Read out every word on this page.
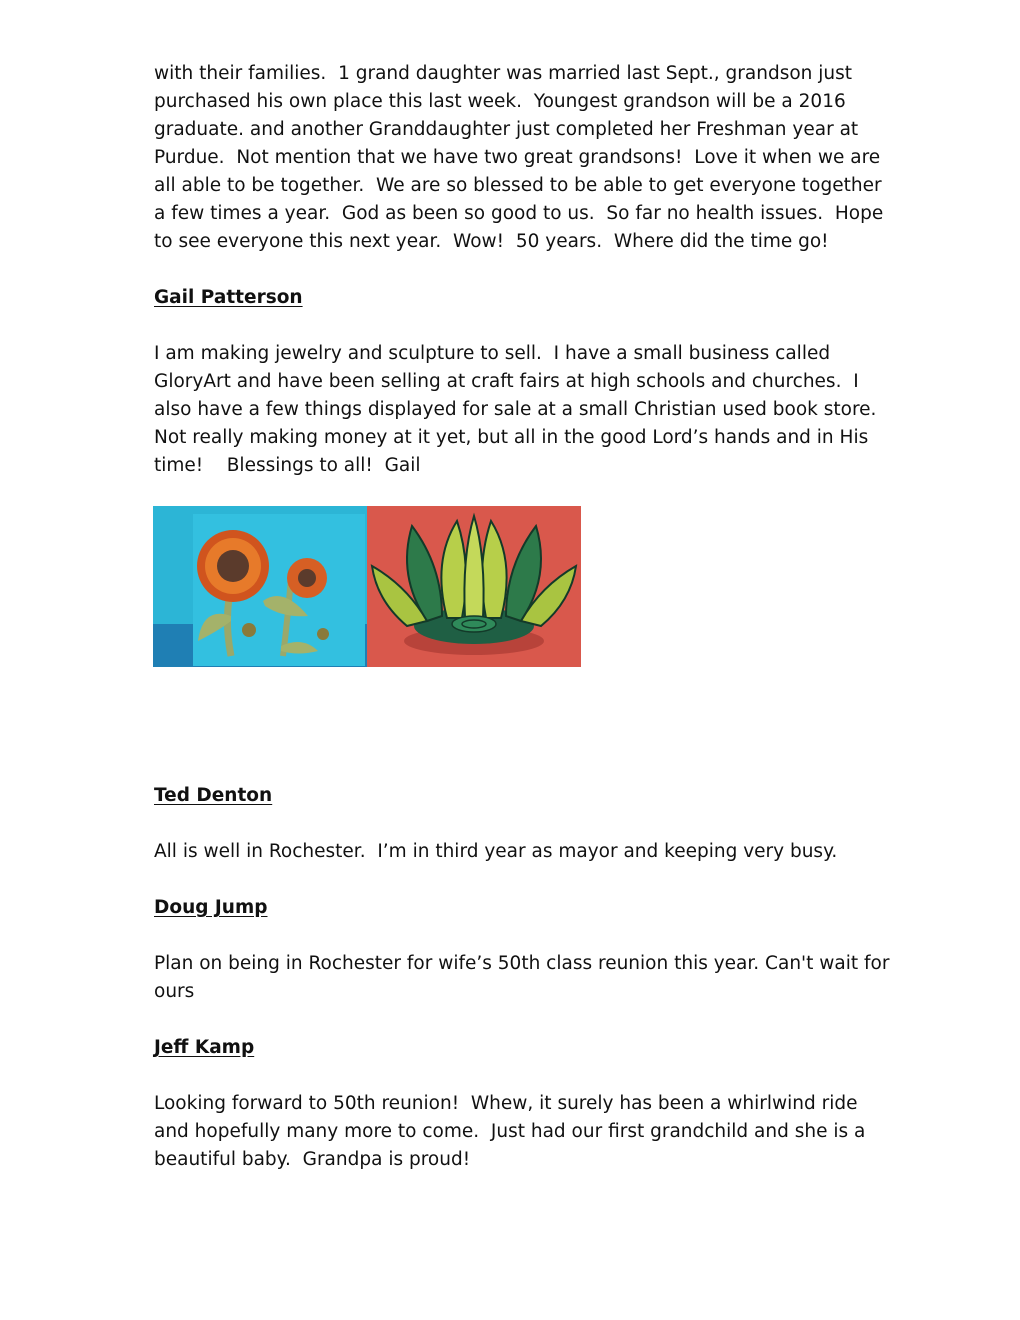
with their families.  1 grand daughter was married last Sept., grandson just purchased his own place this last week.  Youngest grandson will be a 2016 graduate. and another Granddaughter just completed her Freshman year at Purdue.  Not mention that we have two great grandsons!  Love it when we are all able to be together.  We are so blessed to be able to get everyone together a few times a year.  God as been so good to us.  So far no health issues.  Hope to see everyone this next year.  Wow!  50 years.  Where did the time go!

Gail Patterson

I am making jewelry and sculpture to sell.  I have a small business called GloryArt and have been selling at craft fairs at high schools and churches.  I also have a few things displayed for sale at a small Christian used book store.  Not really making money at it yet, but all in the good Lord’s hands and in His time!    Blessings to all!  Gail

Ted Denton

All is well in Rochester.  I’m in third year as mayor and keeping very busy.

Doug Jump

Plan on being in Rochester for wife’s 50th class reunion this year. Can't wait for ours

Jeff Kamp

Looking forward to 50th reunion!  Whew, it surely has been a whirlwind ride and hopefully many more to come.  Just had our first grandchild and she is a beautiful baby.  Grandpa is proud!
